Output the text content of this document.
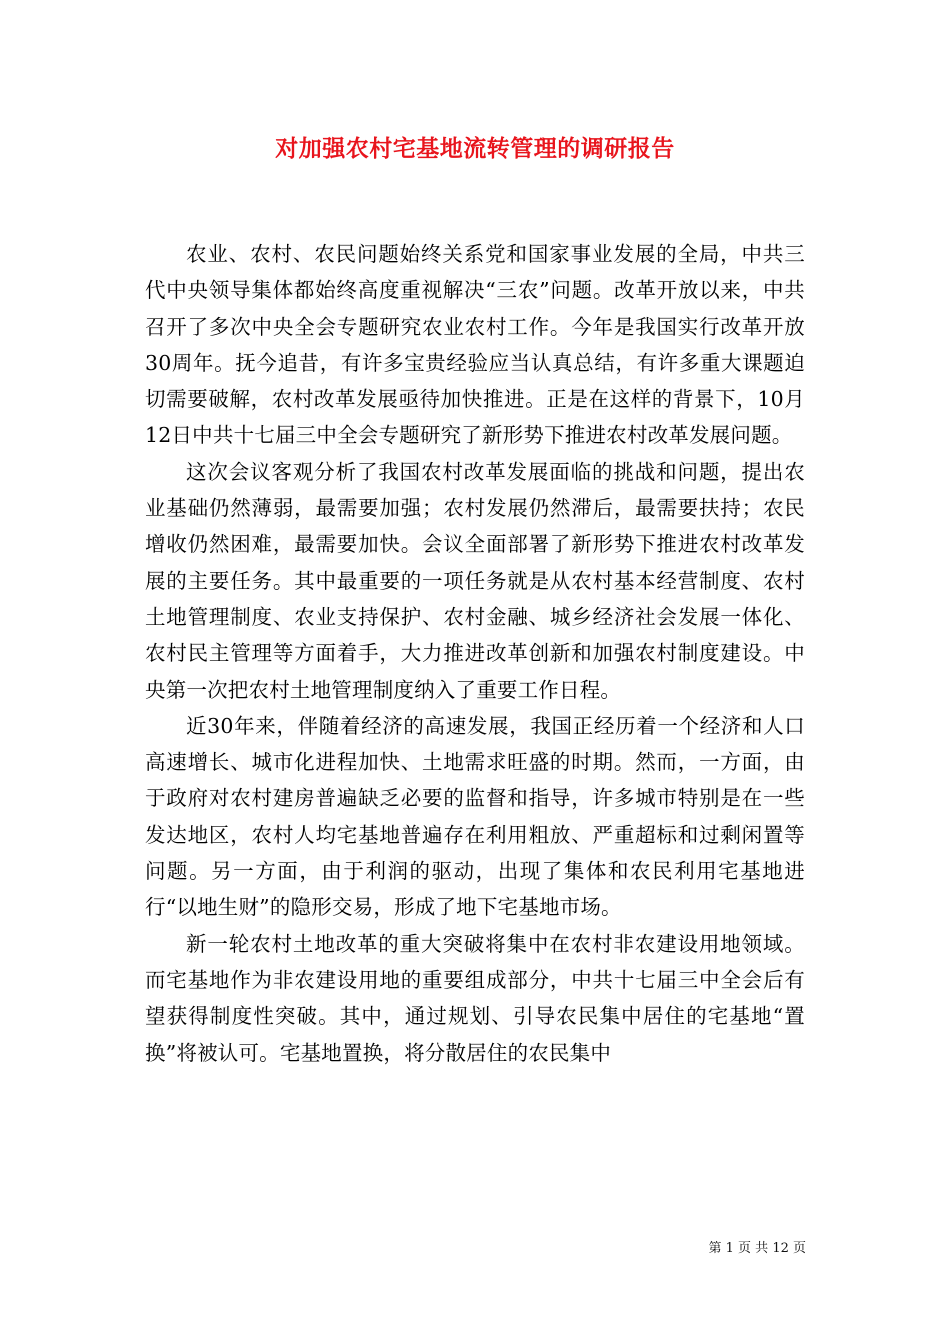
对加强农村宅基地流转管理的调研报告

农业、农村、农民问题始终关系党和国家事业发展的全局，中共三代中央领导集体都始终高度重视解决“三农”问题。改革开放以来，中共召开了多次中央全会专题研究农业农村工作。今年是我国实行改革开放30周年。抚今追昔，有许多宝贵经验应当认真总结，有许多重大课题迫切需要破解，农村改革发展亟待加快推进。正是在这样的背景下，10月12日中共十七届三中全会专题研究了新形势下推进农村改革发展问题。

这次会议客观分析了我国农村改革发展面临的挑战和问题，提出农业基础仍然薄弱，最需要加强；农村发展仍然滞后，最需要扶持；农民增收仍然困难，最需要加快。会议全面部署了新形势下推进农村改革发展的主要任务。其中最重要的一项任务就是从农村基本经营制度、农村土地管理制度、农业支持保护、农村金融、城乡经济社会发展一体化、农村民主管理等方面着手，大力推进改革创新和加强农村制度建设。中央第一次把农村土地管理制度纳入了重要工作日程。

近30年来，伴随着经济的高速发展，我国正经历着一个经济和人口高速增长、城市化进程加快、土地需求旺盛的时期。然而，一方面，由于政府对农村建房普遍缺乏必要的监督和指导，许多城市特别是在一些发达地区，农村人均宅基地普遍存在利用粗放、严重超标和过剩闲置等问题。另一方面，由于利润的驱动，出现了集体和农民利用宅基地进行“以地生财”的隐形交易，形成了地下宅基地市场。

新一轮农村土地改革的重大突破将集中在农村非农建设用地领域。而宅基地作为非农建设用地的重要组成部分，中共十七届三中全会后有望获得制度性突破。其中，通过规划、引导农民集中居住的宅基地“置换”将被认可。宅基地置换，将分散居住的农民集中

第 1 页 共 12 页
